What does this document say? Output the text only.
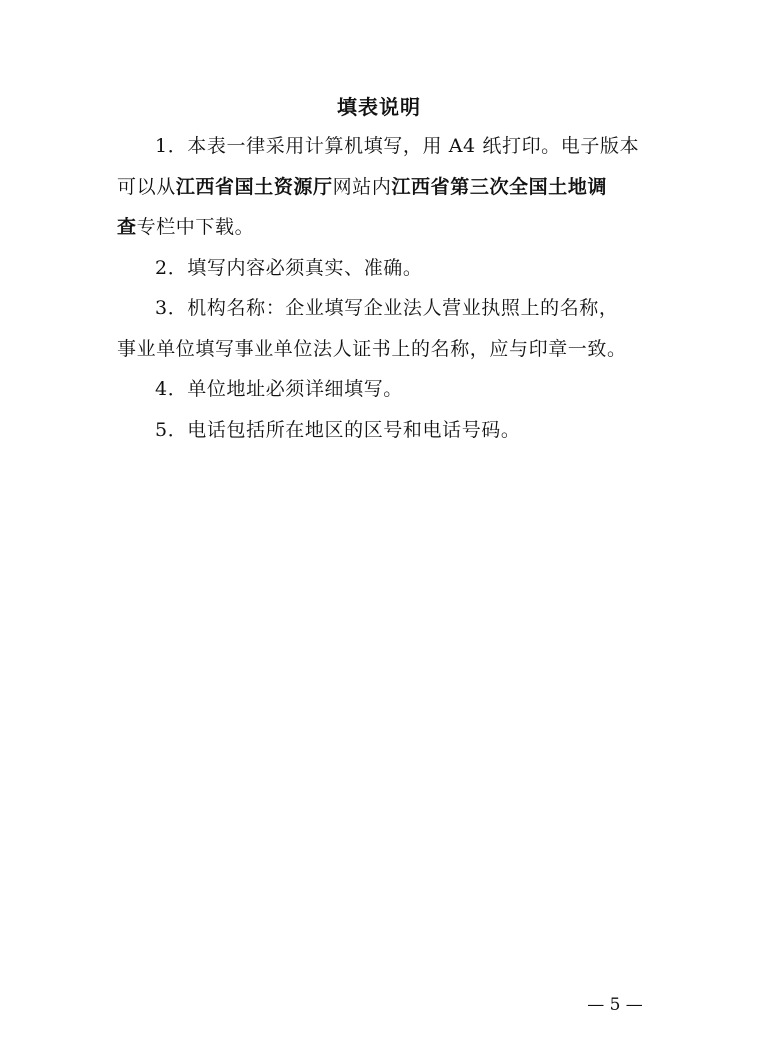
填表说明
1．本表一律采用计算机填写，用 A4 纸打印。电子版本
可以从江西省国土资源厅网站内江西省第三次全国土地调
查专栏中下载。
2．填写内容必须真实、准确。
3．机构名称：企业填写企业法人营业执照上的名称，
事业单位填写事业单位法人证书上的名称，应与印章一致。
4．单位地址必须详细填写。
5．电话包括所在地区的区号和电话号码。
— 5 —
